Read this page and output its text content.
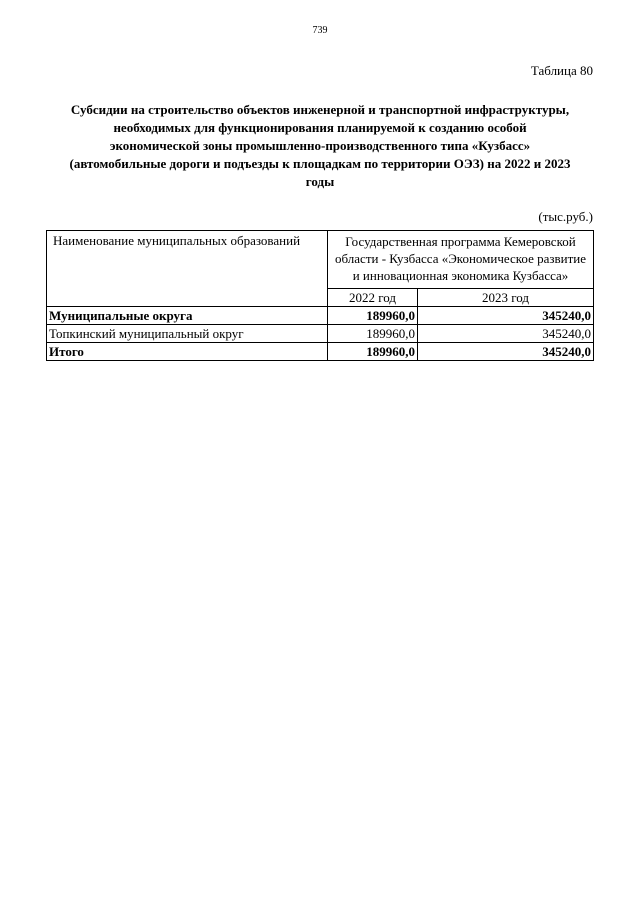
739
Таблица 80
Субсидии на строительство объектов инженерной и транспортной инфраструктуры,
необходимых для функционирования планируемой к созданию особой
экономической зоны промышленно-производственного типа «Кузбасс»
(автомобильные дороги и подъезды к площадкам по территории ОЭЗ) на 2022 и 2023
годы
(тыс.руб.)
Наименование муниципальных образований	Государственная программа Кемеровской области - Кузбасса «Экономическое развитие и инновационная экономика Кузбасса»	
	2022 год	2023 год
Муниципальные округа	189960,0	345240,0
Топкинский муниципальный округ	189960,0	345240,0
Итого	189960,0	345240,0
